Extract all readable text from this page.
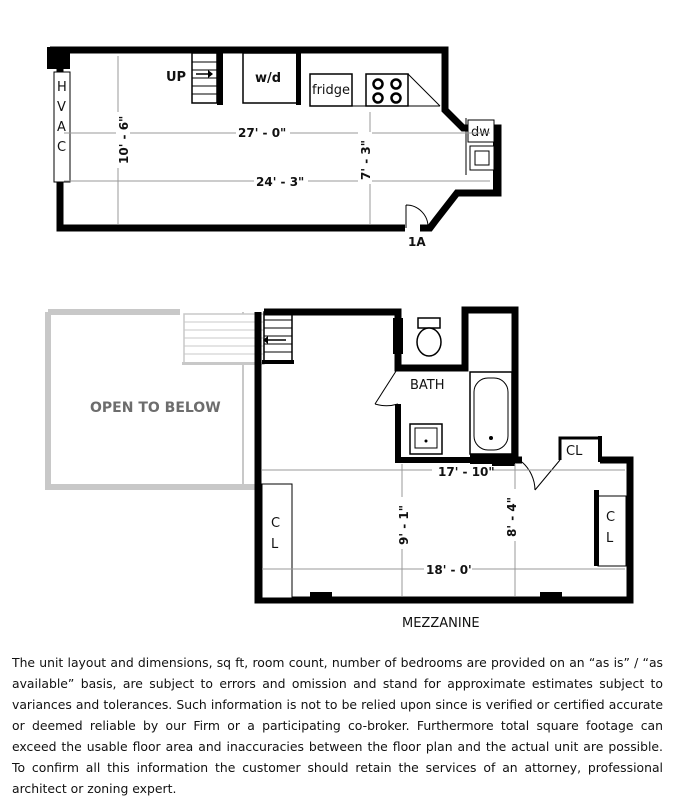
H
V
A
C
UP	w/d
fridge
dw
27' - 0"
24' - 3"
10' - 6"	7' - 3"
1A
OPEN TO BELOW
BATH
CL
C
L
C
L
17' - 10"
18' - 0'
9' - 1"	8' - 4"
MEZZANINE

The unit layout and dimensions, sq ft, room count, number of bedrooms are provided on an “as is” / “as available” basis, are subject to errors and omission and stand for approximate estimates subject to variances and tolerances. Such information is not to be relied upon since is verified or certified accurate or deemed reliable by our Firm or a participating co-broker. Furthermore total square footage can exceed the usable floor area and inaccuracies between the floor plan and the actual unit are possible. To confirm all this information the customer should retain the services of an attorney, professional architect or zoning expert.
